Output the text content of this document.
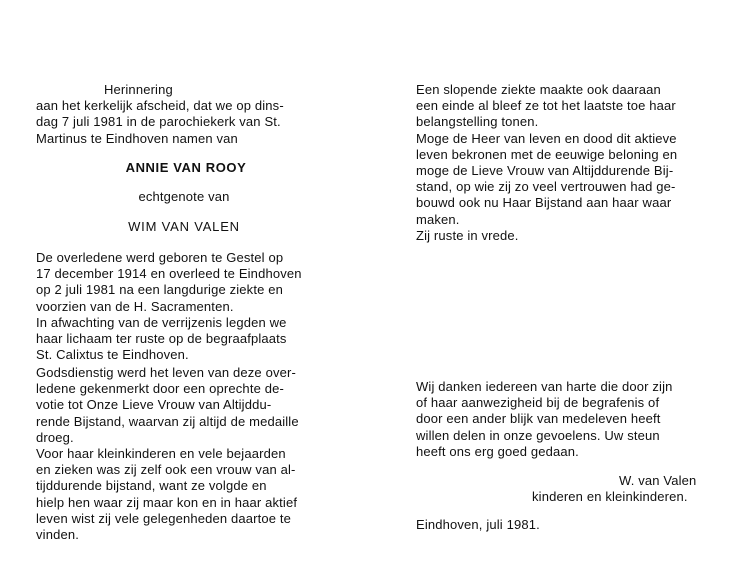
Herinnering
aan het kerkelijk afscheid, dat we op dins-
dag 7 juli 1981 in de parochiekerk van St.
Martinus te Eindhoven namen van
ANNIE VAN ROOY
echtgenote van
WIM VAN VALEN
De overledene werd geboren te Gestel op
17 december 1914 en overleed te Eindhoven
op 2 juli 1981 na een langdurige ziekte en
voorzien van de H. Sacramenten.
In afwachting van de verrijzenis legden we
haar lichaam ter ruste op de begraafplaats
St. Calixtus te Eindhoven.
Godsdienstig werd het leven van deze over-
ledene gekenmerkt door een oprechte de-
votie tot Onze Lieve Vrouw van Altijddu-
rende Bijstand, waarvan zij altijd de medaille
droeg.
Voor haar kleinkinderen en vele bejaarden
en zieken was zij zelf ook een vrouw van al-
tijddurende bijstand, want ze volgde en
hielp hen waar zij maar kon en in haar aktief
leven wist zij vele gelegenheden daartoe te
vinden.
Een slopende ziekte maakte ook daaraan
een einde al bleef ze tot het laatste toe haar
belangstelling tonen.
Moge de Heer van leven en dood dit aktieve
leven bekronen met de eeuwige beloning en
moge de Lieve Vrouw van Altijddurende Bij-
stand, op wie zij zo veel vertrouwen had ge-
bouwd ook nu Haar Bijstand aan haar waar
maken.
Zij ruste in vrede.
Wij danken iedereen van harte die door zijn
of haar aanwezigheid bij de begrafenis of
door een ander blijk van medeleven heeft
willen delen in onze gevoelens. Uw steun
heeft ons erg goed gedaan.
W. van Valen
kinderen en kleinkinderen.
Eindhoven, juli 1981.
